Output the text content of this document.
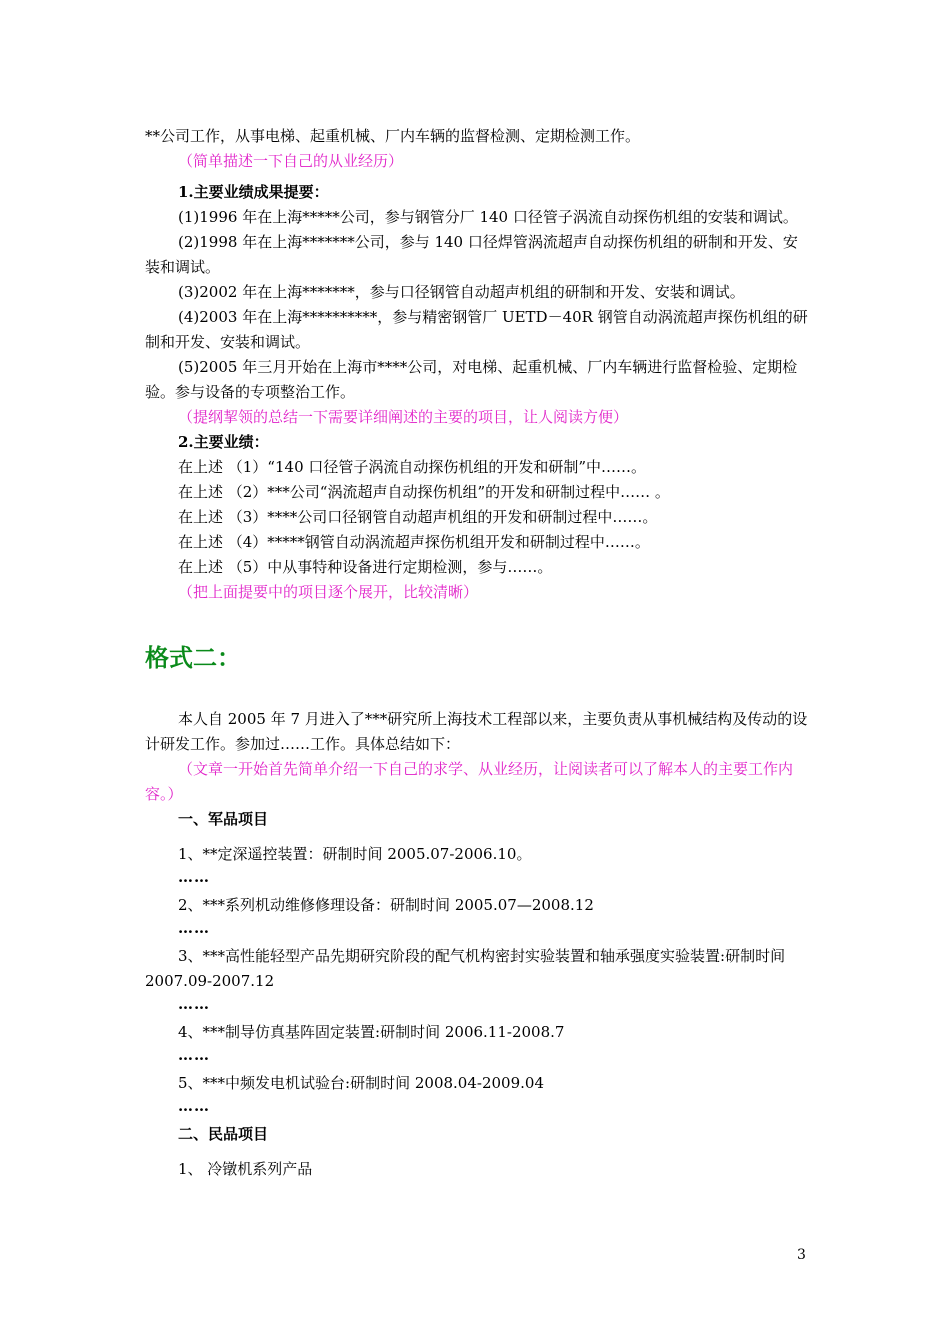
**公司工作，从事电梯、起重机械、厂内车辆的监督检测、定期检测工作。

（简单描述一下自己的从业经历）

1.主要业绩成果提要：

(1)1996 年在上海*****公司，参与钢管分厂 140 口径管子涡流自动探伤机组的安装和调试。

(2)1998 年在上海*******公司，参与 140 口径焊管涡流超声自动探伤机组的研制和开发、安装和调试。

(3)2002 年在上海*******，参与口径钢管自动超声机组的研制和开发、安装和调试。

(4)2003 年在上海**********，参与精密钢管厂 UETD－40R 钢管自动涡流超声探伤机组的研制和开发、安装和调试。

(5)2005 年三月开始在上海市****公司，对电梯、起重机械、厂内车辆进行监督检验、定期检验。参与设备的专项整治工作。

（提纲挈领的总结一下需要详细阐述的主要的项目，让人阅读方便）

2.主要业绩：

在上述 （1）“140 口径管子涡流自动探伤机组的开发和研制”中……。

在上述 （2）***公司“涡流超声自动探伤机组”的开发和研制过程中…… 。

在上述 （3）****公司口径钢管自动超声机组的开发和研制过程中……。

在上述 （4）*****钢管自动涡流超声探伤机组开发和研制过程中……。

在上述 （5）中从事特种设备进行定期检测，参与……。

（把上面提要中的项目逐个展开，比较清晰）

格式二：

本人自 2005 年 7 月进入了***研究所上海技术工程部以来，主要负责从事机械结构及传动的设计研发工作。参加过……工作。具体总结如下：

（文章一开始首先简单介绍一下自己的求学、从业经历，让阅读者可以了解本人的主要工作内容。）

一、军品项目

1、**定深遥控装置：研制时间 2005.07-2006.10。

……

2、***系列机动维修修理设备：研制时间 2005.07—2008.12

……

3、***高性能轻型产品先期研究阶段的配气机构密封实验装置和轴承强度实验装置:研制时间 2007.09-2007.12

……

4、***制导仿真基阵固定装置:研制时间 2006.11-2008.7

……

5、***中频发电机试验台:研制时间 2008.04-2009.04

……

二、民品项目

1、 冷镦机系列产品

3
